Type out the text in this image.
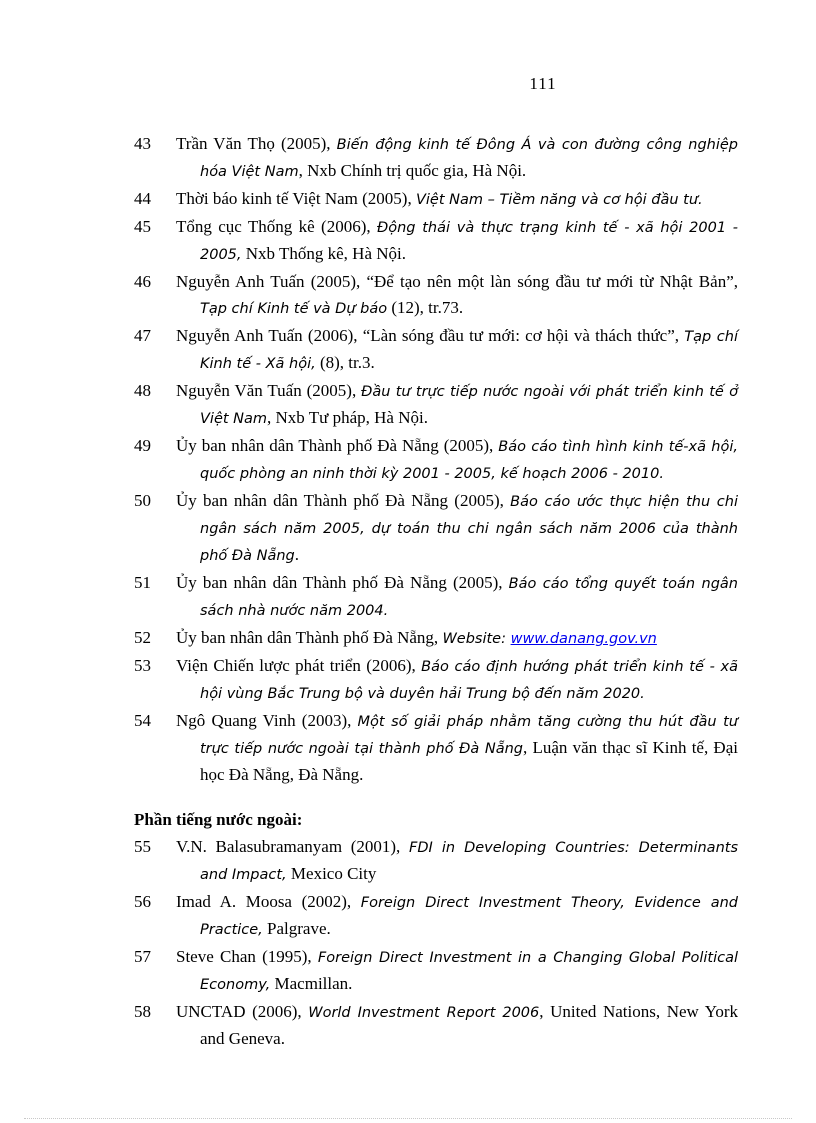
111
43 Trần Văn Thọ (2005), Biến động kinh tế Đông Á và con đường công nghiệp hóa Việt Nam, Nxb Chính trị quốc gia, Hà Nội.
44 Thời báo kinh tế Việt Nam (2005), Việt Nam – Tiềm năng và cơ hội đầu tư.
45 Tổng cục Thống kê (2006), Động thái và thực trạng kinh tế - xã hội 2001 - 2005, Nxb Thống kê, Hà Nội.
46 Nguyễn Anh Tuấn (2005), “Để tạo nên một làn sóng đầu tư mới từ Nhật Bản”, Tạp chí Kinh tế và Dự báo (12), tr.73.
47 Nguyễn Anh Tuấn (2006), “Làn sóng đầu tư mới: cơ hội và thách thức”, Tạp chí Kinh tế - Xã hội, (8), tr.3.
48 Nguyễn Văn Tuấn (2005), Đầu tư trực tiếp nước ngoài với phát triển kinh tế ở Việt Nam, Nxb Tư pháp, Hà Nội.
49 Ủy ban nhân dân Thành phố Đà Nẵng (2005), Báo cáo tình hình kinh tế-xã hội, quốc phòng an ninh thời kỳ 2001 - 2005, kế hoạch 2006 - 2010.
50 Ủy ban nhân dân Thành phố Đà Nẵng (2005), Báo cáo ước thực hiện thu chi ngân sách năm 2005, dự toán thu chi ngân sách năm 2006 của thành phố Đà Nẵng.
51 Ủy ban nhân dân Thành phố Đà Nẵng (2005), Báo cáo tổng quyết toán ngân sách nhà nước năm 2004.
52 Ủy ban nhân dân Thành phố Đà Nẵng, Website: www.danang.gov.vn
53 Viện Chiến lược phát triển (2006), Báo cáo định hướng phát triển kinh tế - xã hội vùng Bắc Trung bộ và duyên hải Trung bộ đến năm 2020.
54 Ngô Quang Vinh (2003), Một số giải pháp nhằm tăng cường thu hút đầu tư trực tiếp nước ngoài tại thành phố Đà Nẵng, Luận văn thạc sĩ Kinh tế, Đại học Đà Nẵng, Đà Nẵng.
Phần tiếng nước ngoài:
55 V.N. Balasubramanyam (2001), FDI in Developing Countries: Determinants and Impact, Mexico City
56 Imad A. Moosa (2002), Foreign Direct Investment Theory, Evidence and Practice, Palgrave.
57 Steve Chan (1995), Foreign Direct Investment in a Changing Global Political Economy, Macmillan.
58 UNCTAD (2006), World Investment Report 2006, United Nations, New York and Geneva.
